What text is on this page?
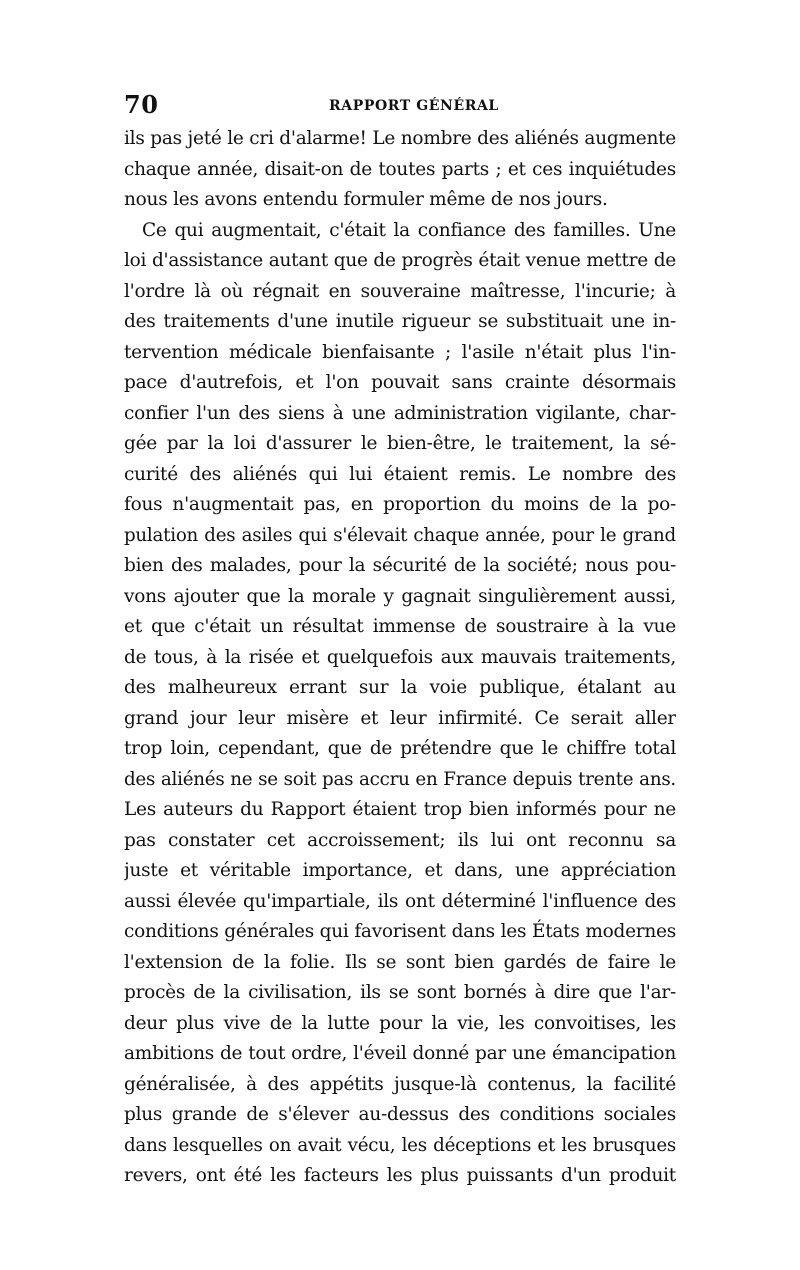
70	RAPPORT GÉNÉRAL
ils pas jeté le cri d'alarme! Le nombre des aliénés augmente
chaque année, disait-on de toutes parts ; et ces inquiétudes
nous les avons entendu formuler même de nos jours.
Ce qui augmentait, c'était la confiance des familles. Une
loi d'assistance autant que de progrès était venue mettre de
l'ordre là où régnait en souveraine maîtresse, l'incurie; à
des traitements d'une inutile rigueur se substituait une in-
tervention médicale bienfaisante ; l'asile n'était plus l'in-
pace d'autrefois, et l'on pouvait sans crainte désormais
confier l'un des siens à une administration vigilante, char-
gée par la loi d'assurer le bien-être, le traitement, la sé-
curité des aliénés qui lui étaient remis. Le nombre des
fous n'augmentait pas, en proportion du moins de la po-
pulation des asiles qui s'élevait chaque année, pour le grand
bien des malades, pour la sécurité de la société; nous pou-
vons ajouter que la morale y gagnait singulièrement aussi,
et que c'était un résultat immense de soustraire à la vue
de tous, à la risée et quelquefois aux mauvais traitements,
des malheureux errant sur la voie publique, étalant au
grand jour leur misère et leur infirmité. Ce serait aller
trop loin, cependant, que de prétendre que le chiffre total
des aliénés ne se soit pas accru en France depuis trente ans.
Les auteurs du Rapport étaient trop bien informés pour ne
pas constater cet accroissement; ils lui ont reconnu sa
juste et véritable importance, et dans, une appréciation
aussi élevée qu'impartiale, ils ont déterminé l'influence des
conditions générales qui favorisent dans les États modernes
l'extension de la folie. Ils se sont bien gardés de faire le
procès de la civilisation, ils se sont bornés à dire que l'ar-
deur plus vive de la lutte pour la vie, les convoitises, les
ambitions de tout ordre, l'éveil donné par une émancipation
généralisée, à des appétits jusque-là contenus, la facilité
plus grande de s'élever au-dessus des conditions sociales
dans lesquelles on avait vécu, les déceptions et les brusques
revers, ont été les facteurs les plus puissants d'un produit
